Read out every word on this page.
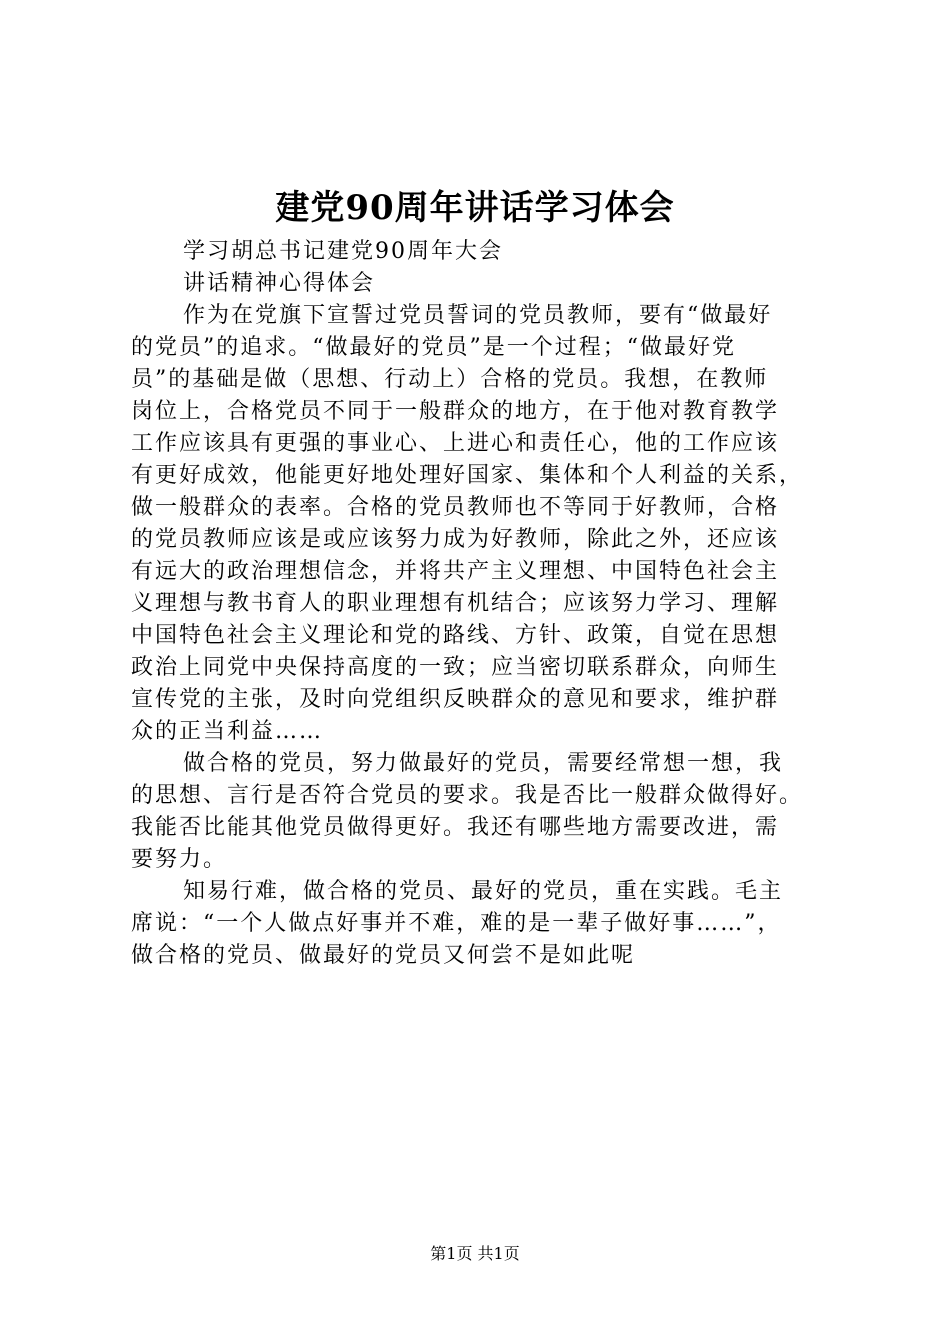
建党90周年讲话学习体会
学习胡总书记建党90周年大会
讲话精神心得体会
作为在党旗下宣誓过党员誓词的党员教师，要有“做最好
的党员”的追求。“做最好的党员”是一个过程；“做最好党
员”的基础是做（思想、行动上）合格的党员。我想，在教师
岗位上，合格党员不同于一般群众的地方，在于他对教育教学
工作应该具有更强的事业心、上进心和责任心，他的工作应该
有更好成效，他能更好地处理好国家、集体和个人利益的关系，
做一般群众的表率。合格的党员教师也不等同于好教师，合格
的党员教师应该是或应该努力成为好教师，除此之外，还应该
有远大的政治理想信念，并将共产主义理想、中国特色社会主
义理想与教书育人的职业理想有机结合；应该努力学习、理解
中国特色社会主义理论和党的路线、方针、政策，自觉在思想
政治上同党中央保持高度的一致；应当密切联系群众，向师生
宣传党的主张，及时向党组织反映群众的意见和要求，维护群
众的正当利益……
做合格的党员，努力做最好的党员，需要经常想一想，我
的思想、言行是否符合党员的要求。我是否比一般群众做得好。
我能否比能其他党员做得更好。我还有哪些地方需要改进，需
要努力。
知易行难，做合格的党员、最好的党员，重在实践。毛主
席说：“一个人做点好事并不难，难的是一辈子做好事……”，
做合格的党员、做最好的党员又何尝不是如此呢
第1页 共1页
